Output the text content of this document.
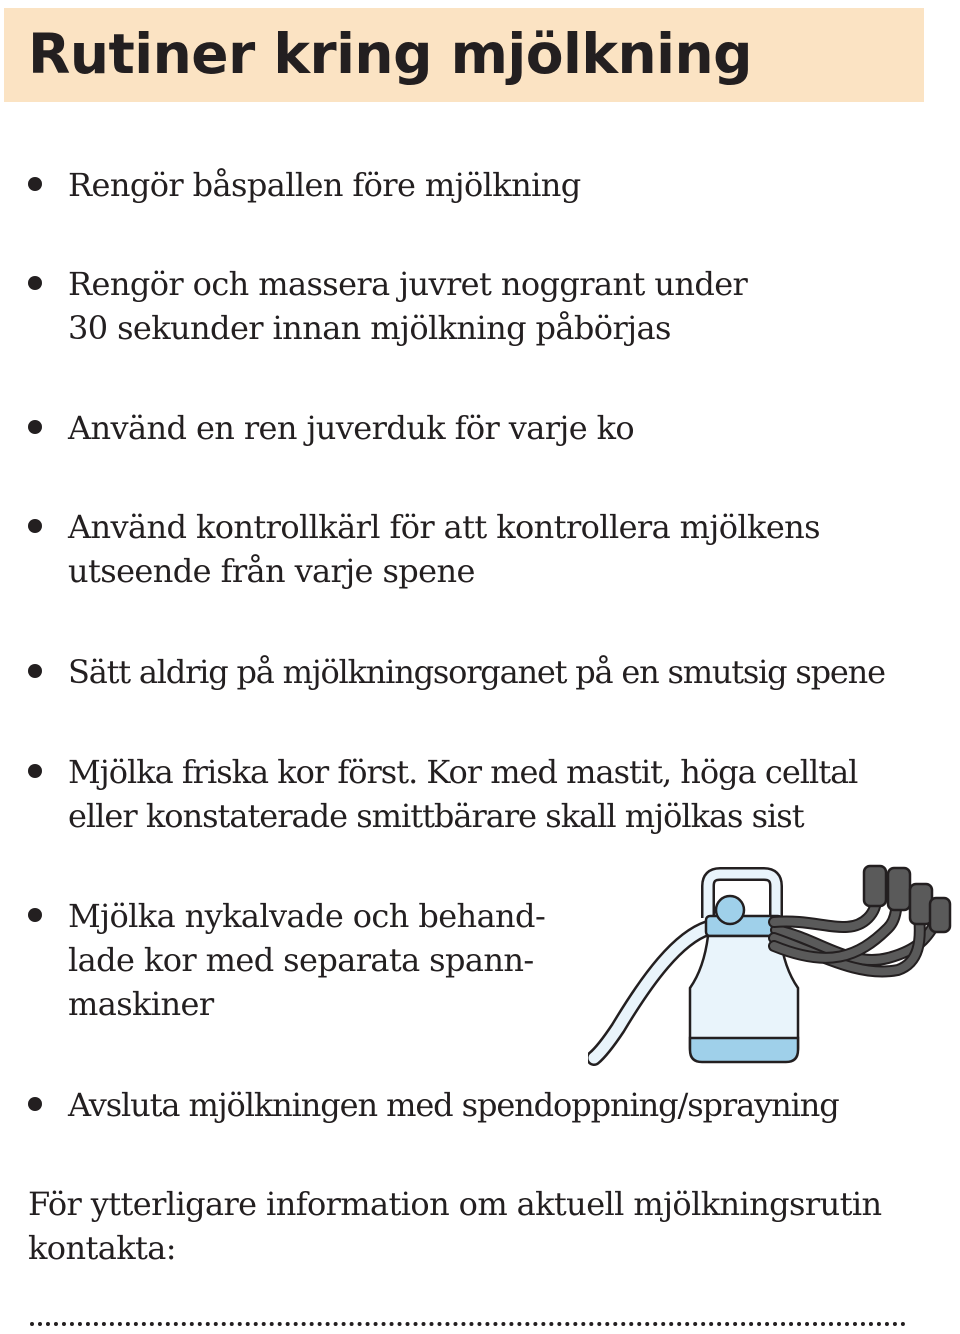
Rutiner kring mjölkning
Rengör båspallen före mjölkning
Rengör och massera juvret noggrant under
30 sekunder innan mjölkning påbörjas
Använd en ren juverduk för varje ko
Använd kontrollkärl för att kontrollera mjölkens
utseende från varje spene
Sätt aldrig på mjölkningsorganet på en smutsig spene
Mjölka friska kor först. Kor med mastit, höga celltal
eller konstaterade smittbärare skall mjölkas sist
Mjölka nykalvade och behand-
lade kor med separata spann-
maskiner
Avsluta mjölkningen med spendoppning/sprayning
För ytterligare information om aktuell mjölkningsrutin
kontakta:
